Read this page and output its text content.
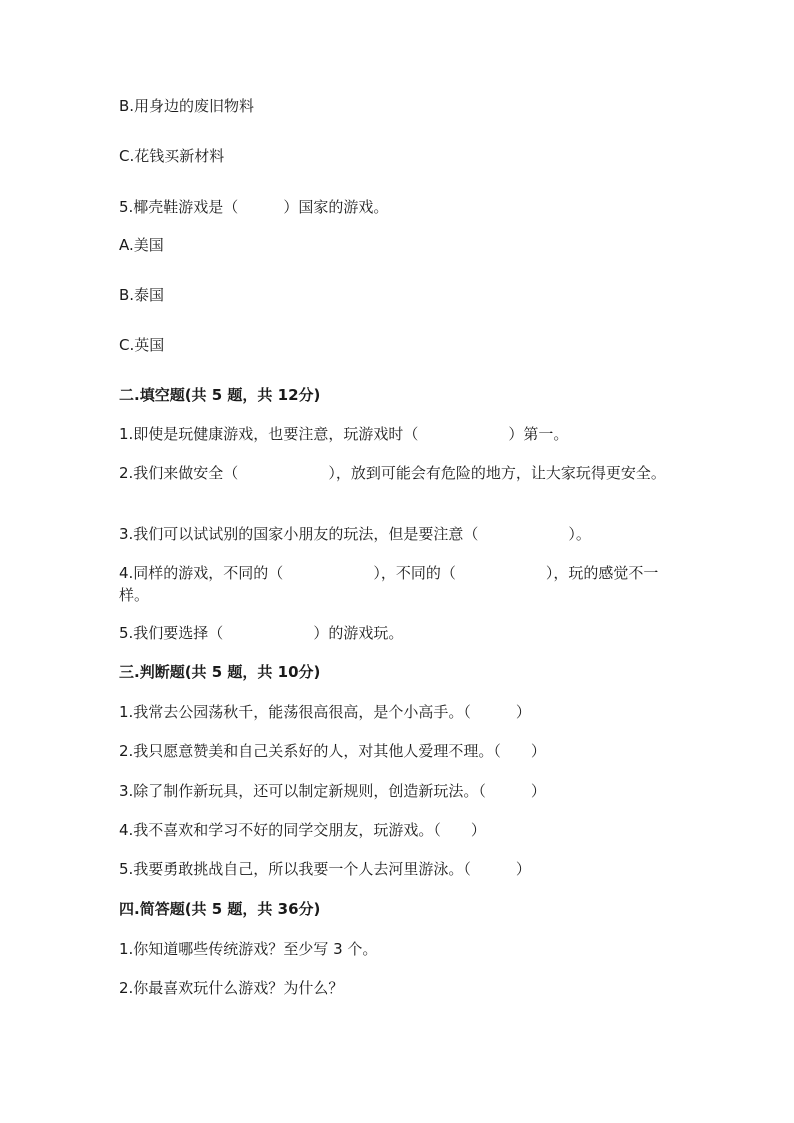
B.用身边的废旧物料
C.花钱买新材料
5.椰壳鞋游戏是（　　　）国家的游戏。
A.美国
B.泰国
C.英国
二.填空题(共 5 题，共 12分)
1.即使是玩健康游戏，也要注意，玩游戏时（　　　　　　）第一。
2.我们来做安全（　　　　　　），放到可能会有危险的地方，让大家玩得更安全。
3.我们可以试试别的国家小朋友的玩法，但是要注意（　　　　　　）。
4.同样的游戏，不同的（　　　　　　），不同的（　　　　　　），玩的感觉不一样。
5.我们要选择（　　　　　　）的游戏玩。
三.判断题(共 5 题，共 10分)
1.我常去公园荡秋千，能荡很高很高，是个小高手。（　　　）
2.我只愿意赞美和自己关系好的人，对其他人爱理不理。（　　）
3.除了制作新玩具，还可以制定新规则，创造新玩法。（　　　）
4.我不喜欢和学习不好的同学交朋友，玩游戏。（　　）
5.我要勇敢挑战自己，所以我要一个人去河里游泳。（　　　）
四.简答题(共 5 题，共 36分)
1.你知道哪些传统游戏？至少写 3 个。
2.你最喜欢玩什么游戏？为什么？
